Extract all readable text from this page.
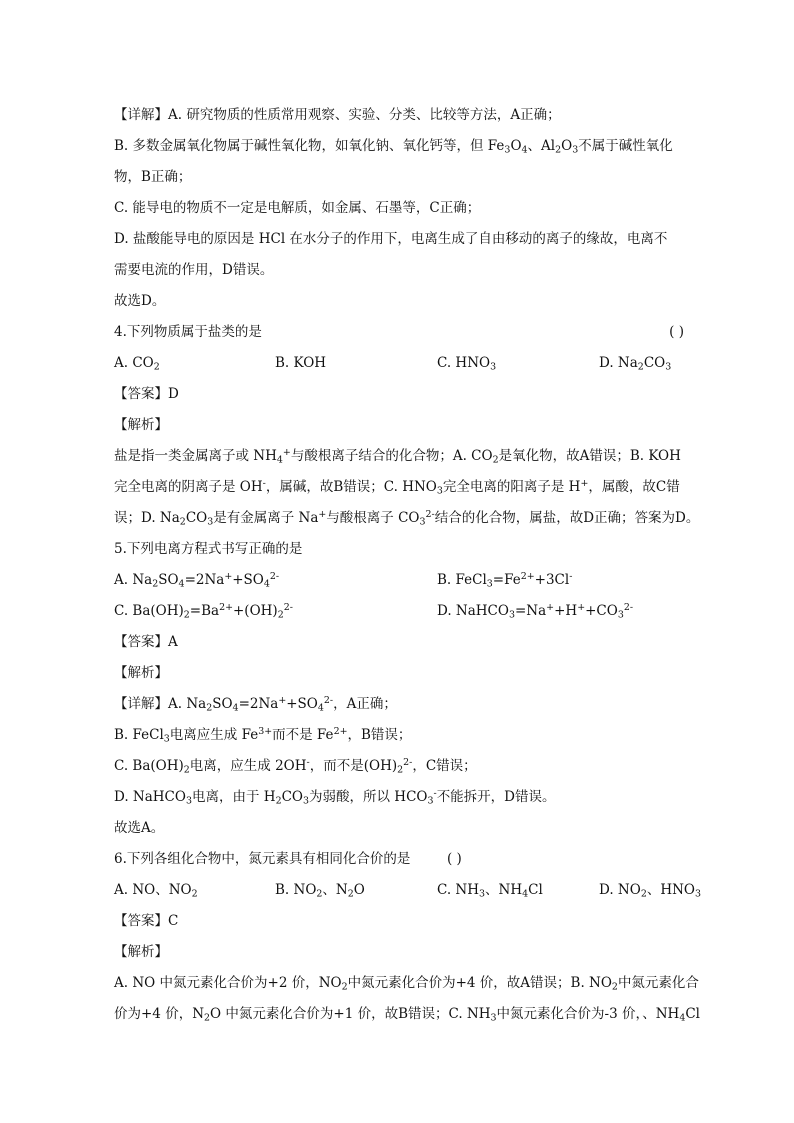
【详解】A. 研究物质的性质常用观察、实验、分类、比较等方法，A正确；
B. 多数金属氧化物属于碱性氧化物，如氧化钠、氧化钙等，但 $Fe_3O_4$、$Al_2O_3$不属于碱性氧化
物，B正确；
C. 能导电的物质不一定是电解质，如金属、石墨等，C正确；
D. 盐酸能导电的原因是 HCl 在水分子的作用下，电离生成了自由移动的离子的缘故，电离不
需要电流的作用，D错误。
故选D。
4.下列物质属于盐类的是	( )
A. $CO_2$	B. KOH	C. $HNO_3$	D. $Na_2CO_3$
【答案】D
【解析】
盐是指一类金属离子或 $NH_4^+$与酸根离子结合的化合物；A. $CO_2$是氧化物，故A错误；B. KOH
完全电离的阴离子是 OH-，属碱，故B错误；C. $HNO_3$完全电离的阳离子是 H+，属酸，故C错
误；D. $Na_2CO_3$是有金属离子 Na+与酸根离子 $CO_3^{2-}$结合的化合物，属盐，故D正确；答案为D。
5.下列电离方程式书写正确的是
A. $Na_2SO_4=2Na^++SO_4^{2-}$	B. $FeCl_3=Fe^{2+}+3Cl^-$
C. $Ba(OH)_2=Ba^{2+}+(OH)_2^{2-}$	D. $NaHCO_3=Na^++H^++CO_3^{2-}$
【答案】A
【解析】
【详解】A. $Na_2SO_4=2Na^++SO_4^{2-}$，A正确；
B. FeCl$_3$电离应生成 $Fe^{3+}$而不是 $Fe^{2+}$，B错误；
C. $Ba(OH)_2$电离，应生成 2OH-，而不是$(OH)_2^{2-}$，C错误；
D. NaHCO$_3$电离，由于 $H_2CO_3$为弱酸，所以 $HCO_3^-$不能拆开，D错误。
故选A。
6.下列各组化合物中，氮元素具有相同化合价的是	( )
A. NO、$NO_2$	B. $NO_2$、$N_2O$	C. $NH_3$、$NH_4Cl$	D. $NO_2$、$HNO_3$
【答案】C
【解析】
A. NO 中氮元素化合价为+2 价，$NO_2$中氮元素化合价为+4 价，故A错误；B. $NO_2$中氮元素化合
价为+4 价，$N_2O$ 中氮元素化合价为+1 价，故B错误；C. $NH_3$中氮元素化合价为-3 价，、$NH_4Cl$
